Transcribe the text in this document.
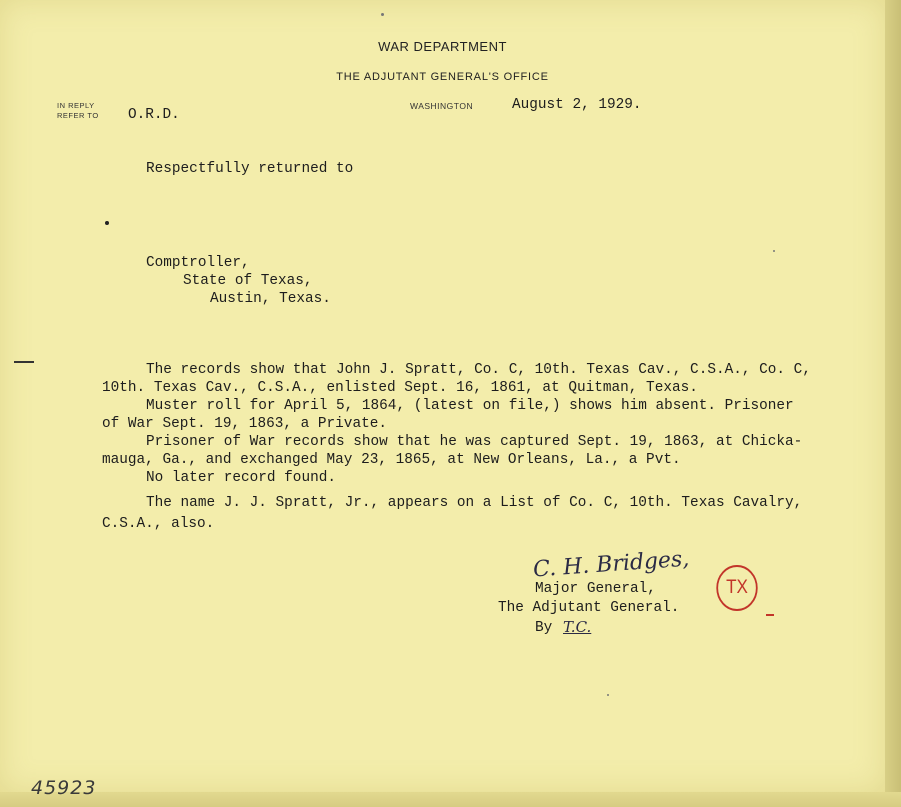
WAR DEPARTMENT
THE ADJUTANT GENERAL'S OFFICE
IN REPLY
REFER TO O.R.D.
WASHINGTON	August 2, 1929.
Respectfully returned to
Comptroller,
State of Texas,
Austin, Texas.
The records show that John J. Spratt, Co. C, 10th. Texas Cav., C.S.A., Co. C,
10th. Texas Cav., C.S.A., enlisted Sept. 16, 1861, at Quitman, Texas.
Muster roll for April 5, 1864, (latest on file,) shows him absent. Prisoner
of War Sept. 19, 1863, a Private.
Prisoner of War records show that he was captured Sept. 19, 1863, at Chicka-
mauga, Ga., and exchanged May 23, 1865, at New Orleans, La., a Pvt.
No later record found.
The name J. J. Spratt, Jr., appears on a List of Co. C, 10th. Texas Cavalry,
C.S.A., also.
C. H. Bridges,
Major General,
The Adjutant General.
By T.C.
TX
45923
